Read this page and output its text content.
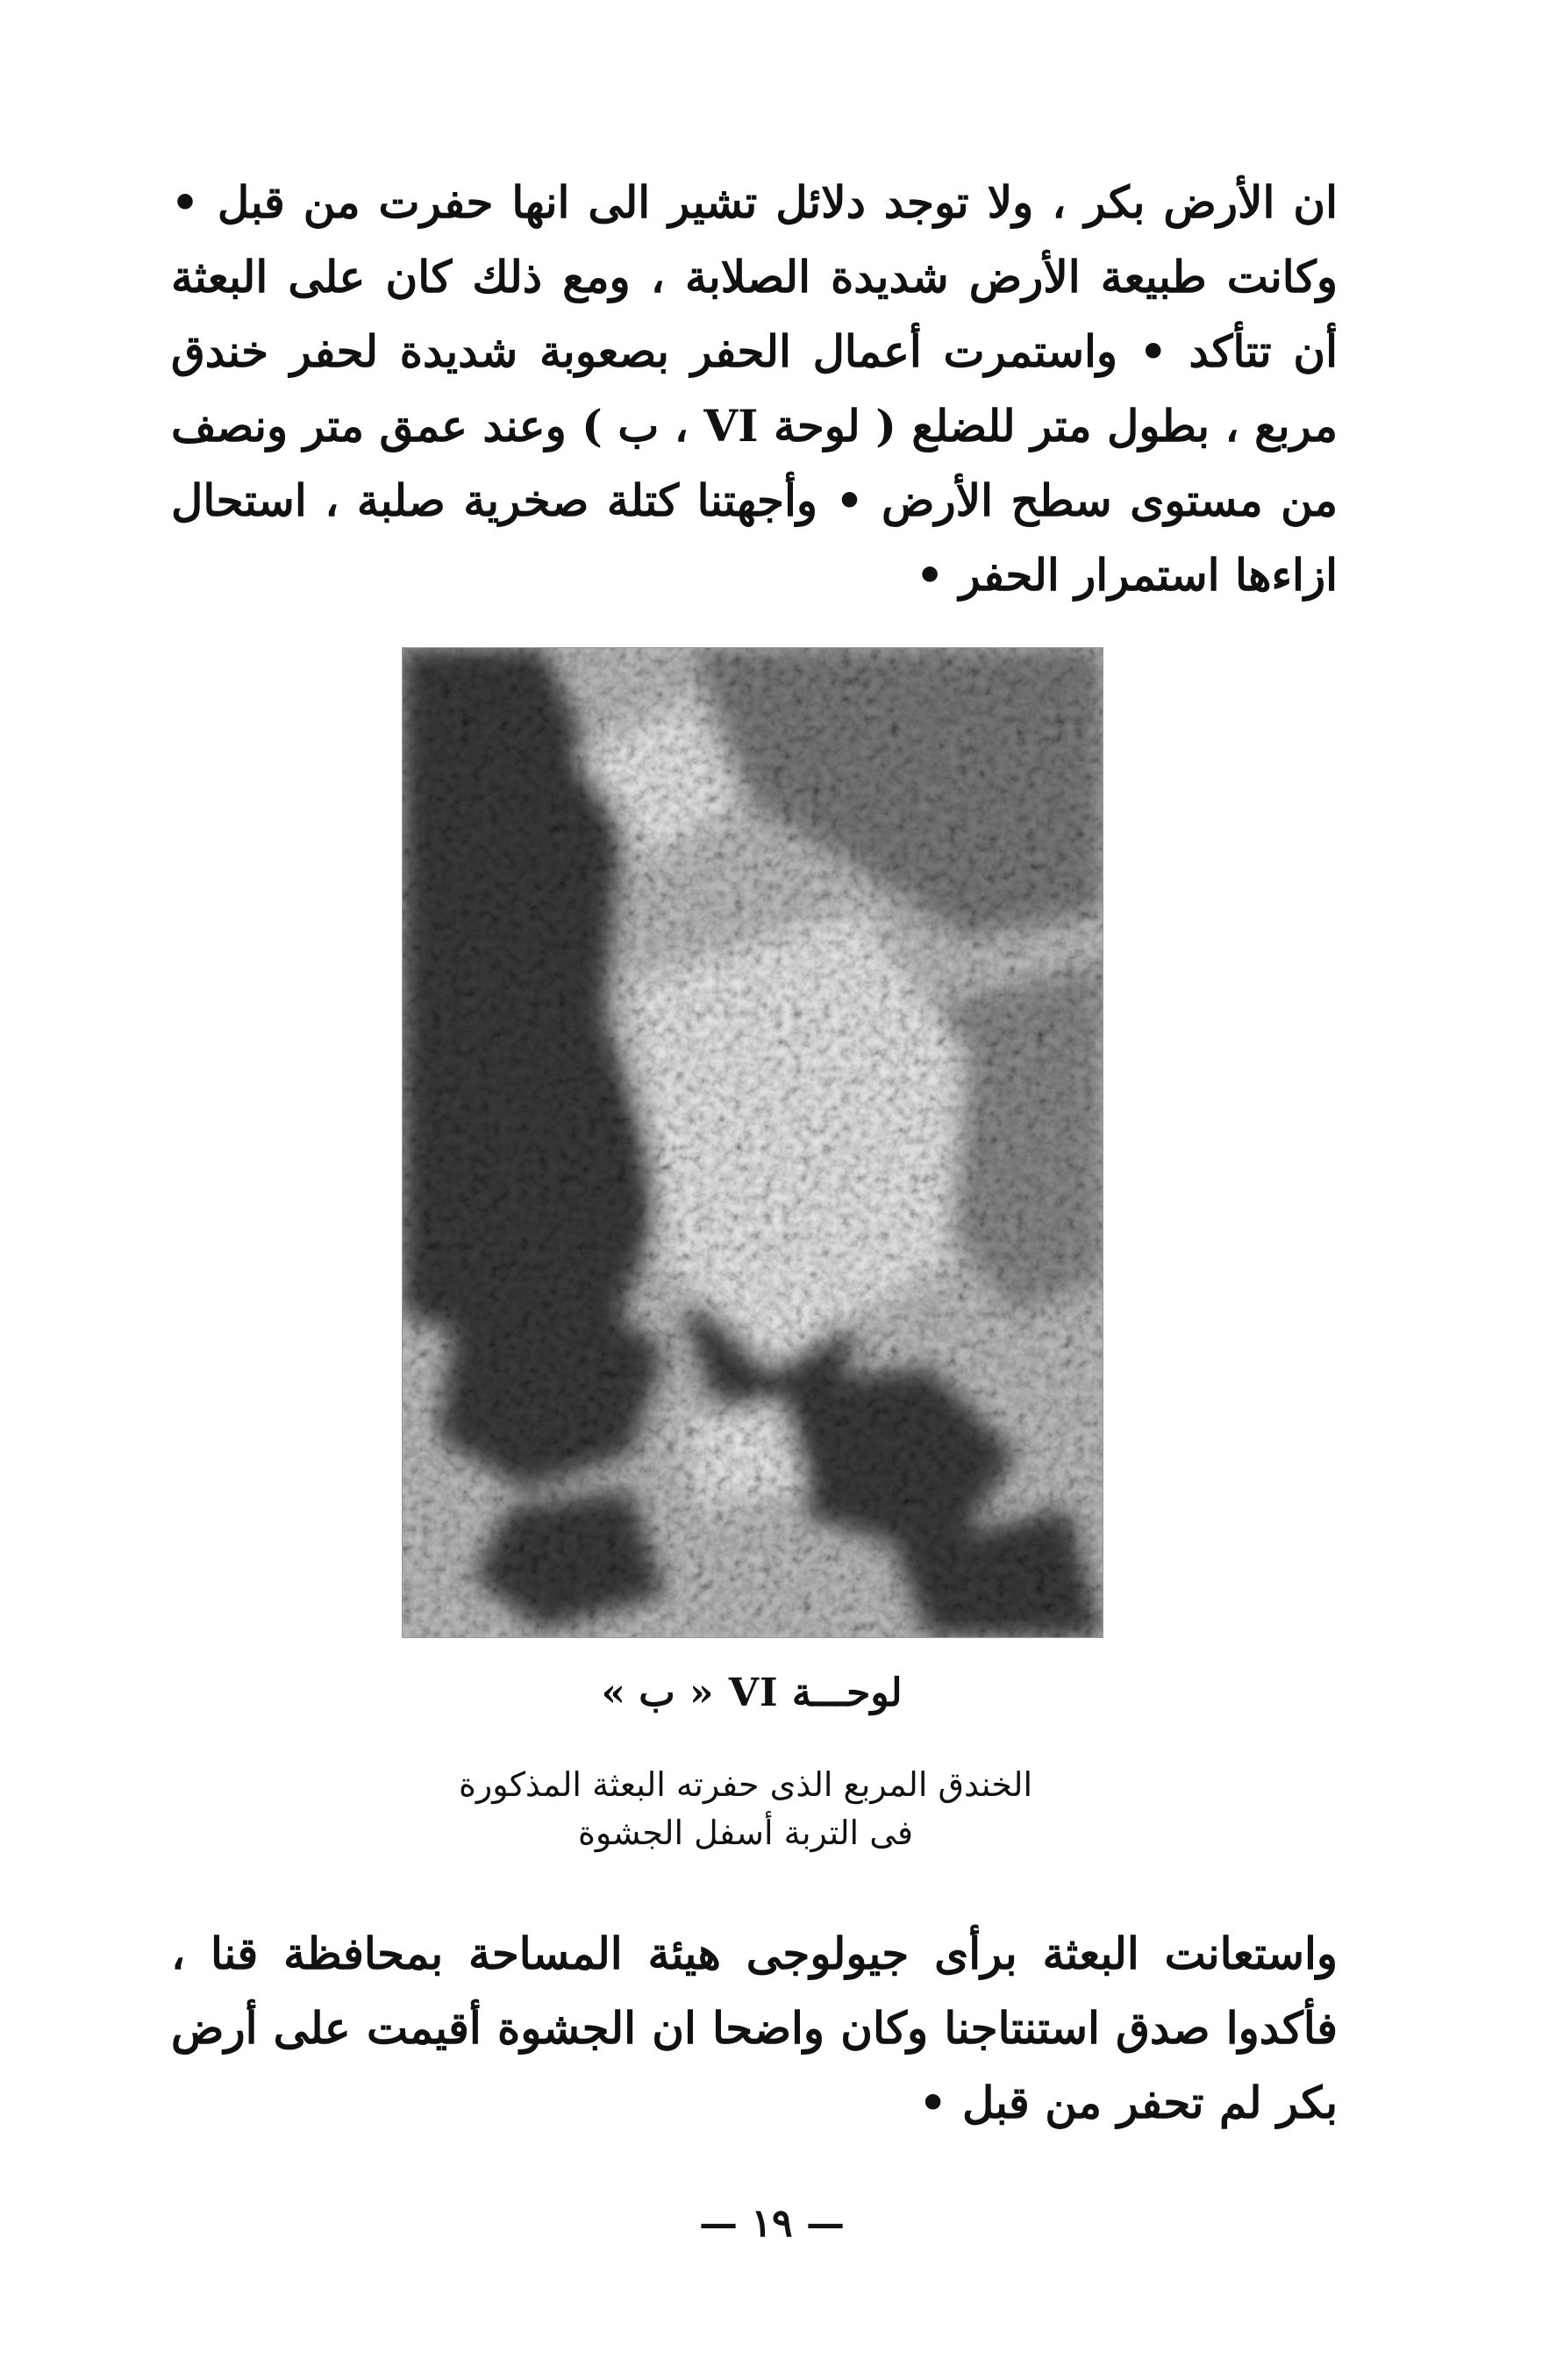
ان الأرض بكر ، ولا توجد دلائل تشير الى انها حفرت من قبل • وكانت طبيعة الأرض شديدة الصلابة ، ومع ذلك كان على البعثة أن تتأكد • واستمرت أعمال الحفر بصعوبة شديدة لحفر خندق مربع ، بطول متر للضلع ( لوحة VI ، ب ) وعند عمق متر ونصف من مستوى سطح الأرض • وأجهتنا كتلة صخرية صلبة ، استحال ازاءها استمرار الحفر •

لوحـــة VI « ب »

الخندق المربع الذى حفرته البعثة المذكورة

فى التربة أسفل الجشوة

واستعانت البعثة برأى جيولوجى هيئة المساحة بمحافظة قنا ، فأكدوا صدق استنتاجنا وكان واضحا ان الجشوة أقيمت على أرض بكر لم تحفر من قبل •

— ١٩ —
